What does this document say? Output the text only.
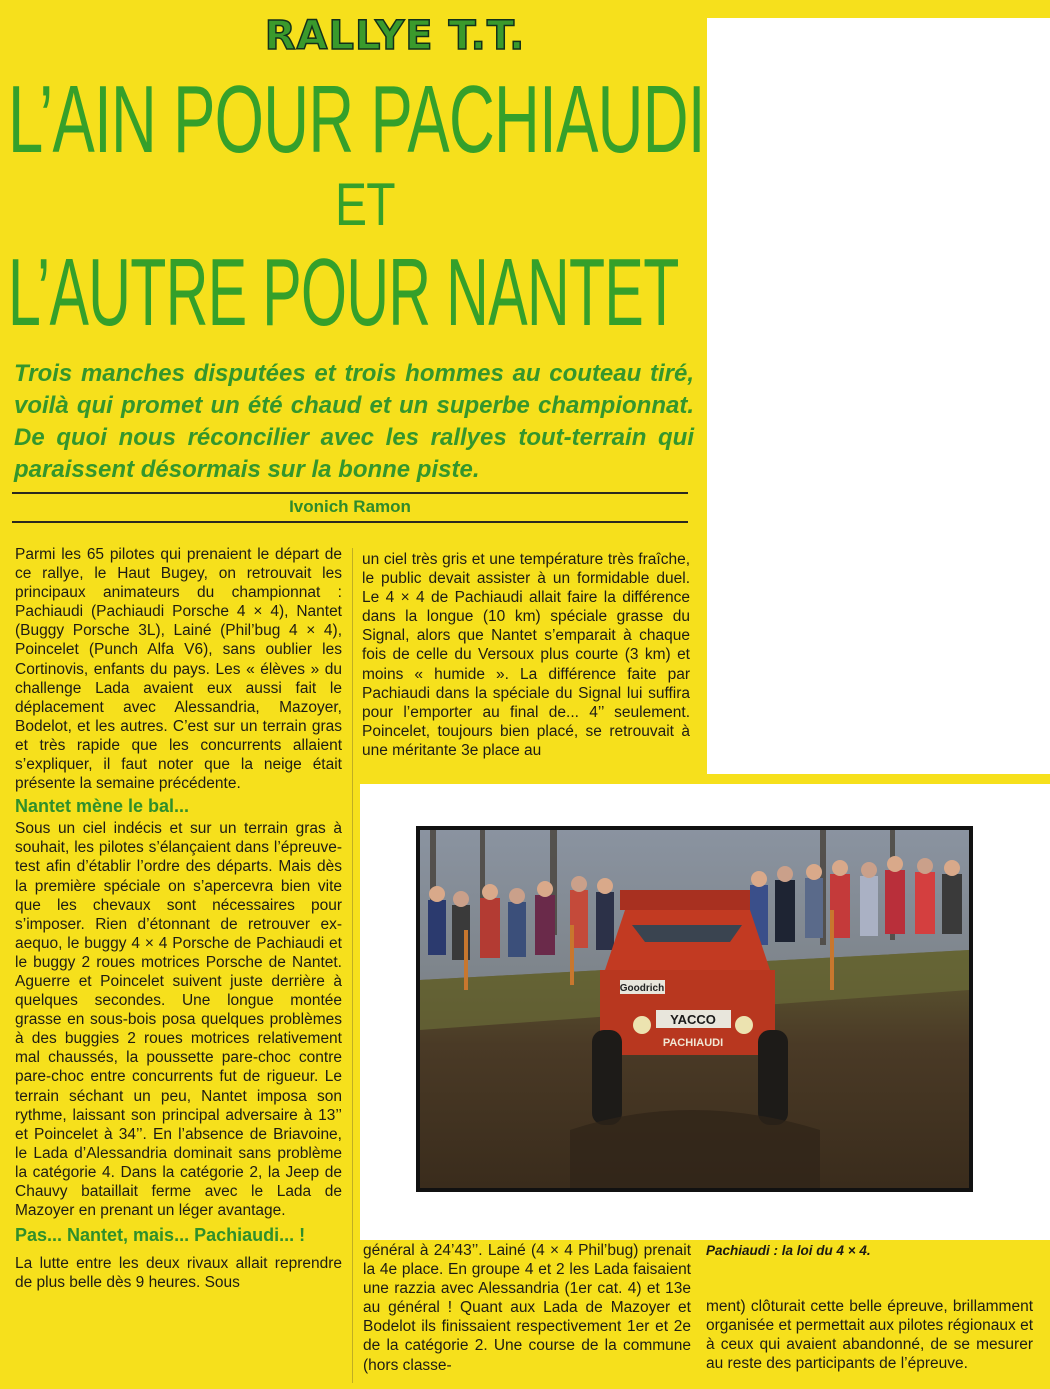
RALLYE T.T.
L’AIN POUR PACHIAUDI
ET
L’AUTRE POUR NANTET
Trois manches disputées et trois hommes au couteau tiré, voilà qui promet un été chaud et un superbe championnat. De quoi nous réconcilier avec les rallyes tout-terrain qui paraissent désormais sur la bonne piste.
Ivonich Ramon
Goodrich
YACCO
PACHIAUDI

Parmi les 65 pilotes qui prenaient le départ de ce rallye, le Haut Bugey, on retrouvait les principaux animateurs du championnat : Pachiaudi (Pachiaudi Porsche 4 × 4), Nantet (Buggy Porsche 3L), Lainé (Phil’bug 4 × 4), Poincelet (Punch Alfa V6), sans oublier les Cortinovis, enfants du pays. Les « élèves » du challenge Lada avaient eux aussi fait le déplacement avec Alessandria, Mazoyer, Bodelot, et les autres. C’est sur un terrain gras et très rapide que les concurrents allaient s’expliquer, il faut noter que la neige était présente la semaine précédente.

Nantet mène le bal...

Sous un ciel indécis et sur un terrain gras à souhait, les pilotes s’élançaient dans l’épreuve-test afin d’établir l’ordre des départs. Mais dès la première spéciale on s’apercevra bien vite que les chevaux sont nécessaires pour s’imposer. Rien d’étonnant de retrouver ex-aequo, le buggy 4 × 4 Porsche de Pachiaudi et le buggy 2 roues motrices Porsche de Nantet. Aguerre et Poincelet suivent juste derrière à quelques secondes. Une longue montée grasse en sous-bois posa quelques problèmes à des buggies 2 roues motrices relativement mal chaussés, la poussette pare-choc contre pare-choc entre concurrents fut de rigueur. Le terrain séchant un peu, Nantet imposa son rythme, laissant son principal adversaire à 13’’ et Poincelet à 34’’. En l’absence de Briavoine, le Lada d’Alessandria dominait sans problème la catégorie 4. Dans la catégorie 2, la Jeep de Chauvy bataillait ferme avec le Lada de Mazoyer en prenant un léger avantage.

Pas... Nantet, mais... Pachiaudi... !

La lutte entre les deux rivaux allait reprendre de plus belle dès 9 heures. Sous

un ciel très gris et une température très fraîche, le public devait assister à un formidable duel. Le 4 × 4 de Pachiaudi allait faire la différence dans la longue (10 km) spéciale grasse du Signal, alors que Nantet s’emparait à chaque fois de celle du Versoux plus courte (3 km) et moins « humide ». La différence faite par Pachiaudi dans la spéciale du Signal lui suffira pour l’emporter au final de... 4’’ seulement. Poincelet, toujours bien placé, se retrouvait à une méritante 3e place au

général à 24’43’’. Lainé (4 × 4 Phil’bug) prenait la 4e place. En groupe 4 et 2 les Lada faisaient une razzia avec Alessandria (1er cat. 4) et 13e au général ! Quant aux Lada de Mazoyer et Bodelot ils finissaient respectivement 1er et 2e de la catégorie 2. Une course de la commune (hors classe-

Pachiaudi : la loi du 4 × 4.

ment) clôturait cette belle épreuve, brillamment organisée et permettait aux pilotes régionaux et à ceux qui avaient abandonné, de se mesurer au reste des participants de l’épreuve.
